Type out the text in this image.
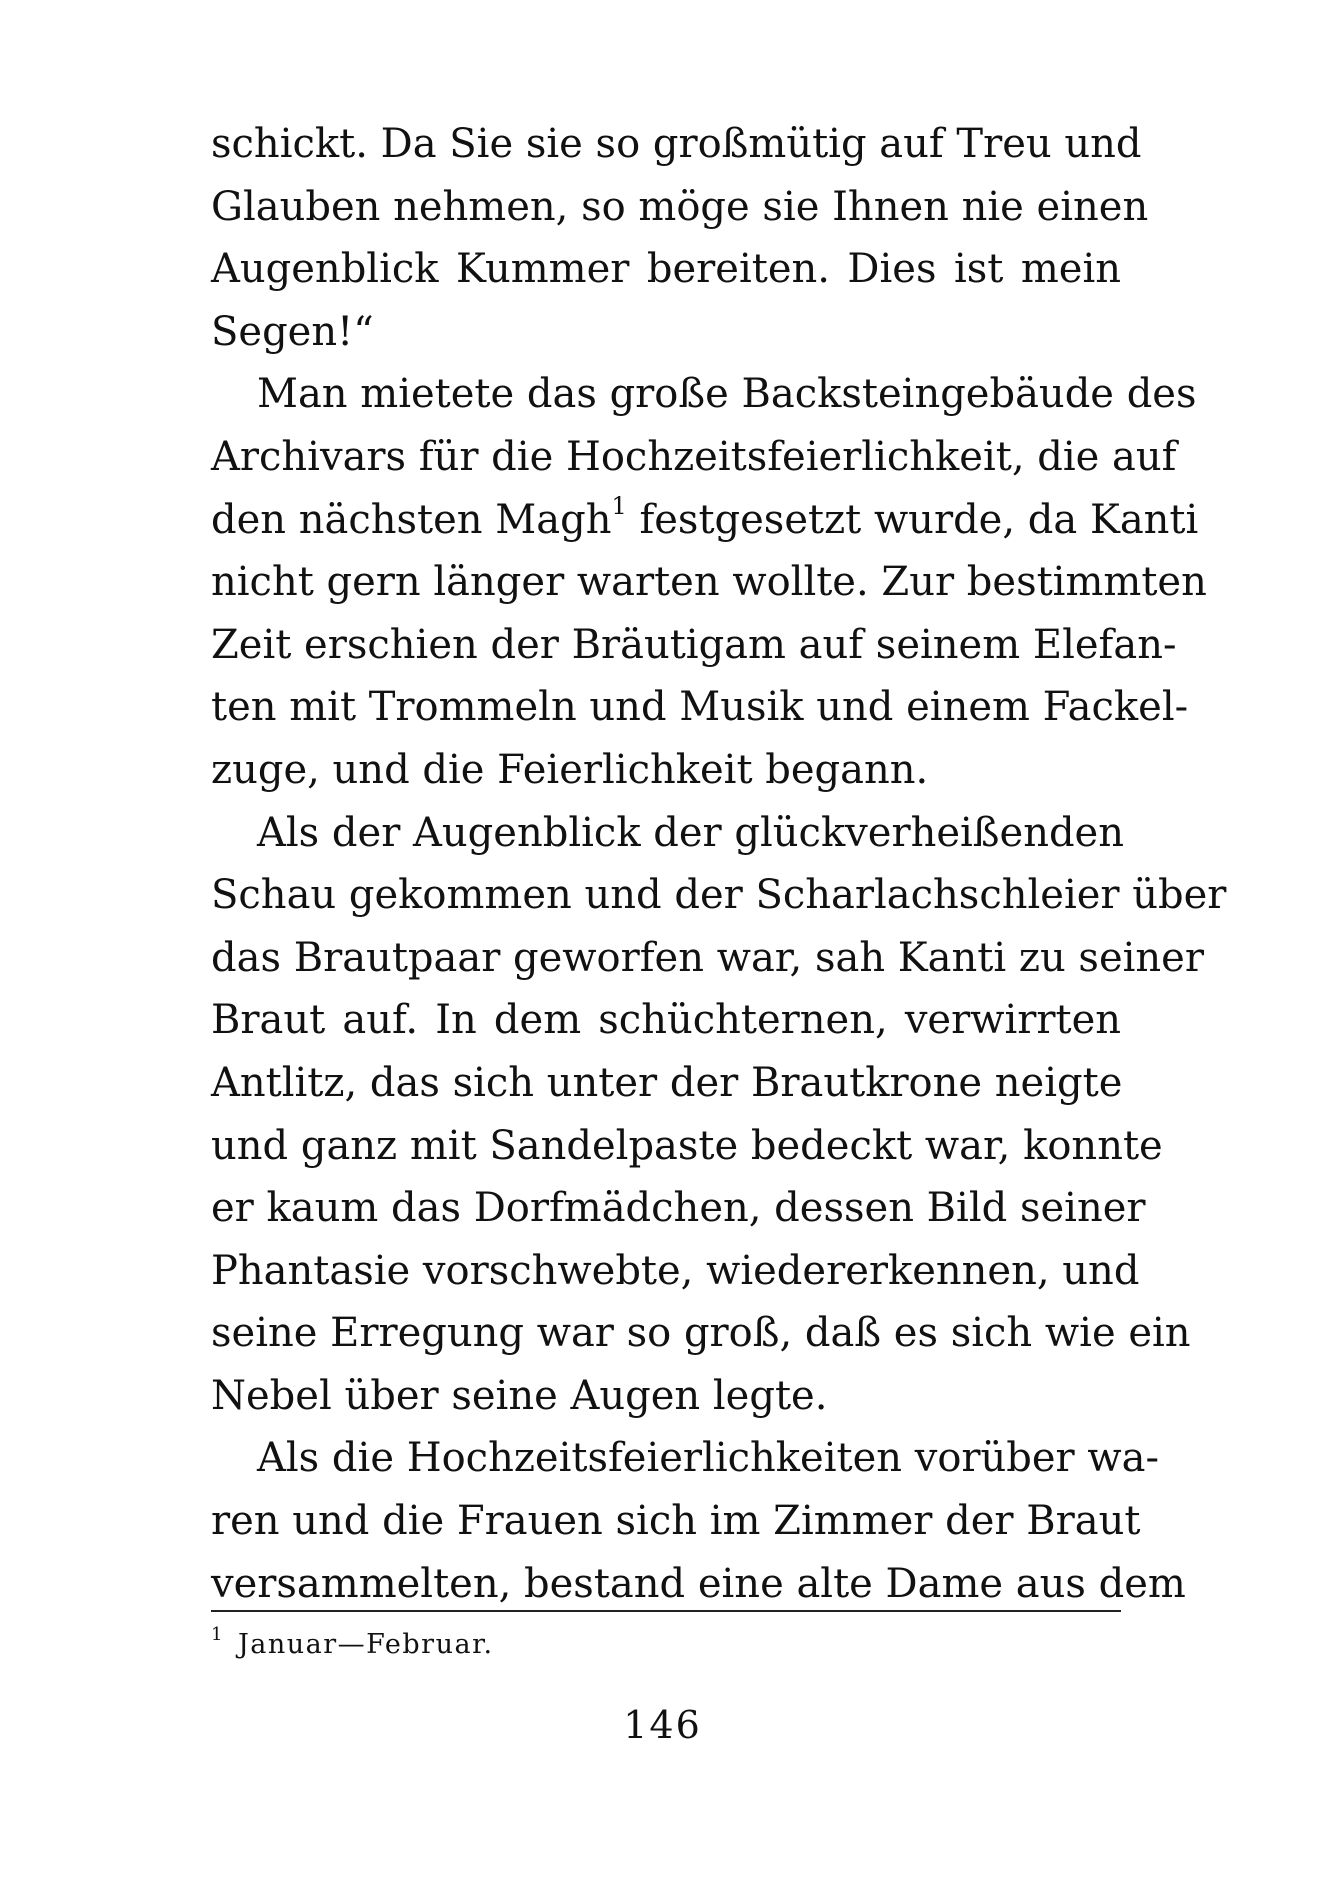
schickt. Da Sie sie so großmütig auf Treu und
Glauben nehmen, so möge sie Ihnen nie einen
Augenblick Kummer bereiten. Dies ist mein
Segen!“
Man mietete das große Backsteingebäude des
Archivars für die Hochzeitsfeierlichkeit, die auf
den nächsten Magh$^1$ festgesetzt wurde, da Kanti
nicht gern länger warten wollte. Zur bestimmten
Zeit erschien der Bräutigam auf seinem Elefan-
ten mit Trommeln und Musik und einem Fackel-
zuge, und die Feierlichkeit begann.
Als der Augenblick der glückverheißenden
Schau gekommen und der Scharlachschleier über
das Brautpaar geworfen war, sah Kanti zu seiner
Braut auf. In dem schüchternen, verwirrten
Antlitz, das sich unter der Brautkrone neigte
und ganz mit Sandelpaste bedeckt war, konnte
er kaum das Dorfmädchen, dessen Bild seiner
Phantasie vorschwebte, wiedererkennen, und
seine Erregung war so groß, daß es sich wie ein
Nebel über seine Augen legte.
Als die Hochzeitsfeierlichkeiten vorüber wa-
ren und die Frauen sich im Zimmer der Braut
versammelten, bestand eine alte Dame aus dem
$^1$ Januar—Februar.
146
